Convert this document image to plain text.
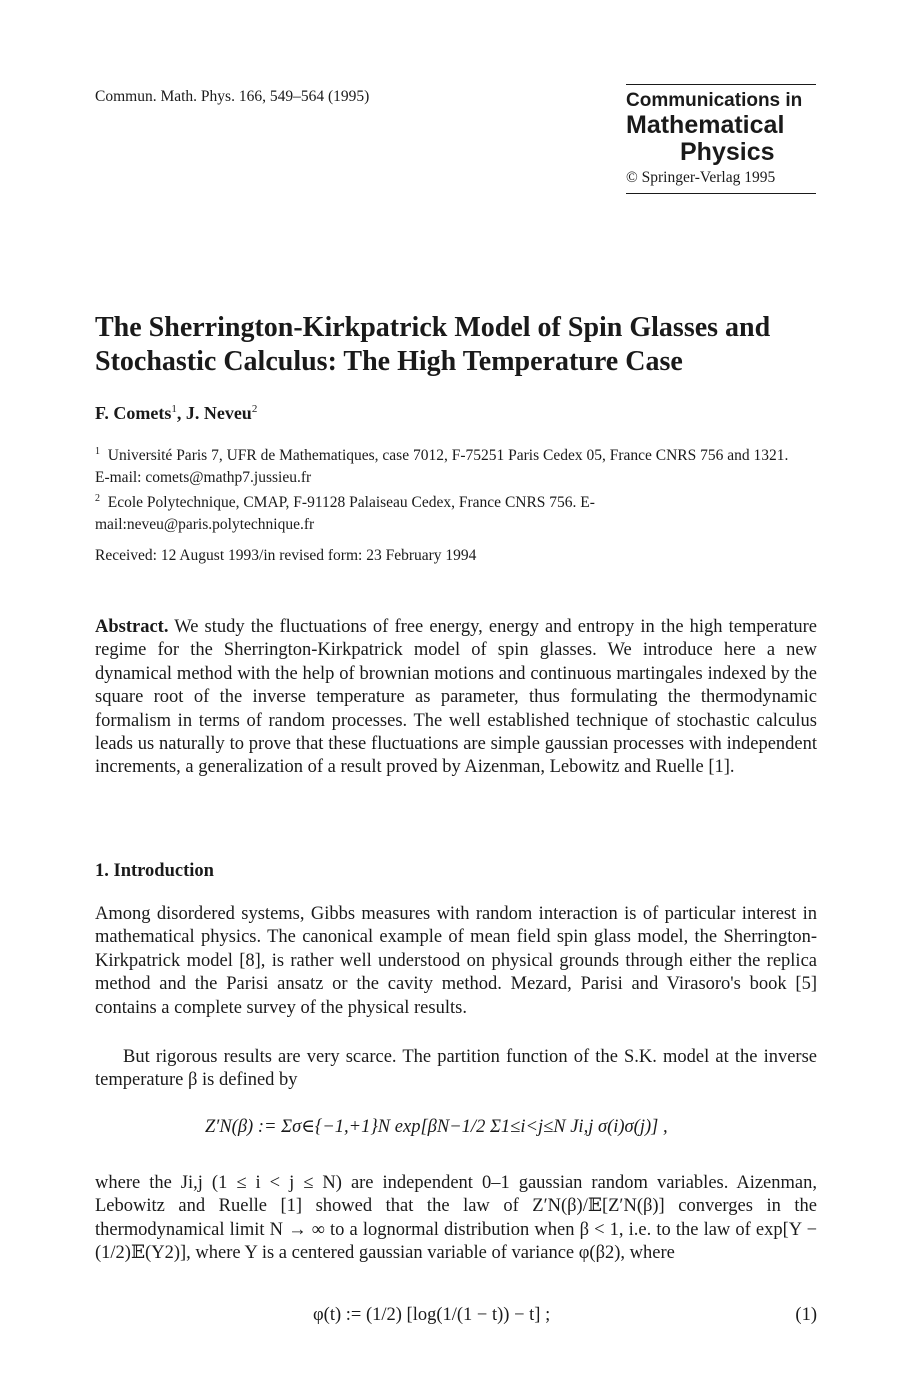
Commun. Math. Phys. 166, 549–564 (1995)	Communications in
Mathematical
Physics
© Springer-Verlag 1995
The Sherrington-Kirkpatrick Model of Spin Glasses and Stochastic Calculus: The High Temperature Case
F. Comets$^1$, J. Neveu$^2$
$^1$ Université Paris 7, UFR de Mathematiques, case 7012, F-75251 Paris Cedex 05, France CNRS 756 and 1321. E-mail: comets@mathp7.jussieu.fr
$^2$ Ecole Polytechnique, CMAP, F-91128 Palaiseau Cedex, France CNRS 756. E-mail:neveu@paris.polytechnique.fr
Received: 12 August 1993/in revised form: 23 February 1994
Abstract. We study the fluctuations of free energy, energy and entropy in the high temperature regime for the Sherrington-Kirkpatrick model of spin glasses. We introduce here a new dynamical method with the help of brownian motions and continuous martingales indexed by the square root of the inverse temperature as parameter, thus formulating the thermodynamic formalism in terms of random processes. The well established technique of stochastic calculus leads us naturally to prove that these fluctuations are simple gaussian processes with independent increments, a generalization of a result proved by Aizenman, Lebowitz and Ruelle [1].
1. Introduction
Among disordered systems, Gibbs measures with random interaction is of particular interest in mathematical physics. The canonical example of mean field spin glass model, the Sherrington-Kirkpatrick model [8], is rather well understood on physical grounds through either the replica method and the Parisi ansatz or the cavity method. Mezard, Parisi and Virasoro's book [5] contains a complete survey of the physical results.
But rigorous results are very scarce. The partition function of the S.K. model at the inverse temperature β is defined by
Z′N(β) := Σσ∈{−1,+1}N exp[βN−1/2 Σ1≤i<j≤N Ji,j σ(i)σ(j)] ,
where the Ji,j (1 ≤ i < j ≤ N) are independent 0–1 gaussian random variables. Aizenman, Lebowitz and Ruelle [1] showed that the law of Z′N(β)/𝔼[Z′N(β)] converges in the thermodynamical limit N → ∞ to a lognormal distribution when β < 1, i.e. to the law of exp[Y − (1/2)𝔼(Y2)], where Y is a centered gaussian variable of variance φ(β2), where
φ(t) := (1/2) [log(1/(1 − t)) − t] ;	(1)
